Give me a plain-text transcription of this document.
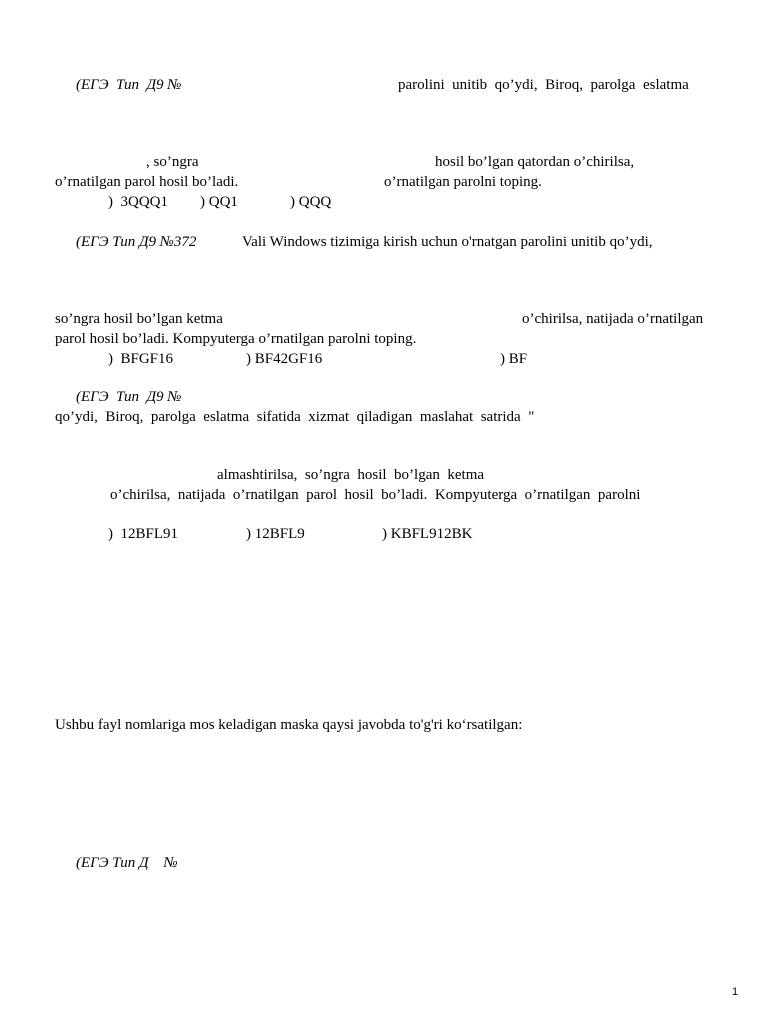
(ЕГЭ  Тип  Д9 №	parolini  unitib  qo’ydi,  Biroq,  parolga  eslatma
, so’ngra	hosil bo’lgan qatordan o’chirilsa,
o’rnatilgan parol hosil bo’ladi.	o’rnatilgan parolni toping.
)  3QQQ1 ) QQ1	) QQQ
(ЕГЭ Тип Д9 №372	Vali Windows tizimiga kirish uchun o'rnatgan parolini unitib qo’ydi,
so’ngra hosil bo’lgan ketma	o’chirilsa, natijada o’rnatilgan
parol hosil bo’ladi. Kompyuterga o’rnatilgan parolni toping.
)  BFGF16	) BF42GF16	) BF
(ЕГЭ  Тип  Д9 №
qo’ydi,  Biroq,  parolga  eslatma  sifatida  xizmat  qiladigan  maslahat  satrida  "
almashtirilsa,  so’ngra  hosil  bo’lgan  ketma
o’chirilsa,  natijada  o’rnatilgan  parol  hosil  bo’ladi.  Kompyuterga  o’rnatilgan  parolni
)  12BFL91	) 12BFL9	) KBFL912BK
Ushbu fayl nomlariga mos keladigan maska qaysi javobda to'g'ri ko‘rsatilgan:
(ЕГЭ Тип Д    №
1
